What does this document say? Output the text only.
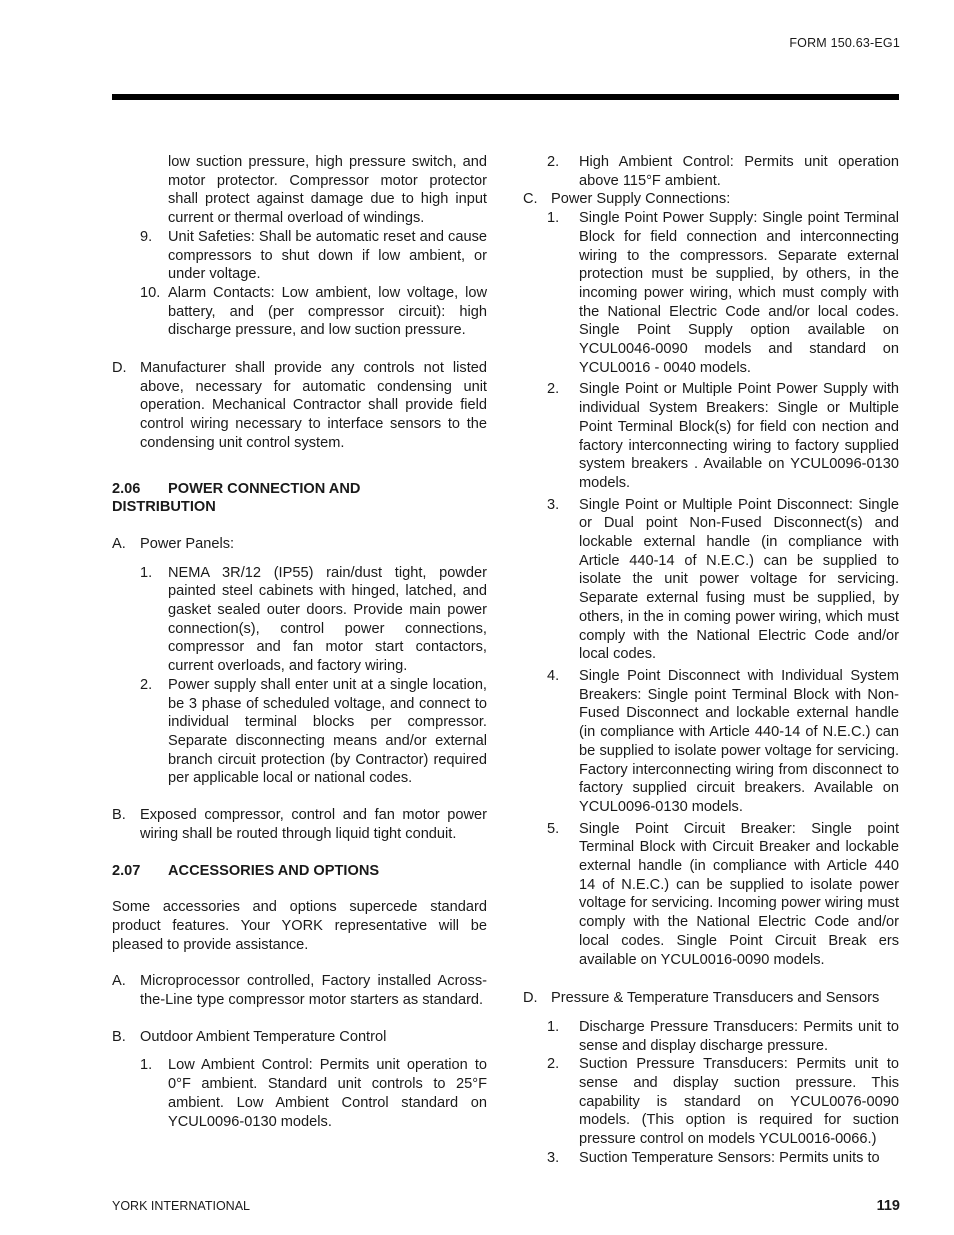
FORM 150.63-EG1
low suction pressure, high pressure switch, and motor protector. Compressor motor protector shall protect against damage due to high input current or thermal overload of windings.
9. Unit Safeties: Shall be automatic reset and cause compressors to shut down if low ambient, or under voltage.
10. Alarm Contacts: Low ambient, low voltage, low battery, and (per compressor circuit): high discharge pressure, and low suction pressure.
D. Manufacturer shall provide any controls not listed above, necessary for automatic condensing unit operation. Mechanical Contractor shall provide field control wiring necessary to interface sensors to the condensing unit control system.
2.06 POWER CONNECTION AND
DISTRIBUTION
A. Power Panels:
1. NEMA 3R/12 (IP55) rain/dust tight, powder painted steel cabinets with hinged, latched, and gasket sealed outer doors. Provide main power connection(s), control power connections, compressor and fan motor start contactors, current overloads, and factory wiring.
2. Power supply shall enter unit at a single location, be 3 phase of scheduled voltage, and connect to individual terminal blocks per compressor. Separate disconnecting means and/or external branch circuit protection (by Contractor) required per applicable local or national codes.
B. Exposed compressor, control and fan motor power wiring shall be routed through liquid tight conduit.
2.07 ACCESSORIES AND OPTIONS
Some accessories and options supercede standard product features. Your YORK representative will be pleased to provide assistance.
A. Microprocessor controlled, Factory installed Across-the-Line type compressor motor starters as standard.
B. Outdoor Ambient Temperature Control
1. Low Ambient Control: Permits unit operation to 0°F ambient. Standard unit controls to 25°F ambient. Low Ambient Control standard on YCUL0096-0130 models.
2. High Ambient Control: Permits unit operation above 115°F ambient.
C. Power Supply Connections:
1. Single Point Power Supply: Single point Terminal Block for field connection and interconnecting wiring to the compressors. Separate external protection must be supplied, by others, in the incoming power wiring, which must comply with the National Electric Code and/or local codes. Single Point Supply option available on YCUL0046-0090 models and standard on YCUL0016 - 0040 models.
2. Single Point or Multiple Point Power Supply with individual System Breakers: Single or Multiple Point Terminal Block(s) for field con nection and factory interconnecting wiring to factory supplied system breakers . Available on YCUL0096-0130 models.
3. Single Point or Multiple Point Disconnect: Single or Dual point Non-Fused Disconnect(s) and lockable external handle (in compliance with Article 440-14 of N.E.C.) can be supplied to isolate the unit power voltage for servicing. Separate external fusing must be supplied, by others, in the in coming power wiring, which must comply with the National Electric Code and/or local codes.
4. Single Point Disconnect with Individual System Breakers: Single point Terminal Block with Non-Fused Disconnect and lockable external handle (in compliance with Article 440-14 of N.E.C.) can be supplied to isolate power voltage for servicing. Factory interconnecting wiring from disconnect to factory supplied circuit breakers. Available on YCUL0096-0130 models.
5. Single Point Circuit Breaker: Single point Terminal Block with Circuit Breaker and lockable external handle (in compliance with Article 440 14 of N.E.C.) can be supplied to isolate power voltage for servicing. Incoming power wiring must comply with the National Electric Code and/or local codes. Single Point Circuit Break ers available on YCUL0016-0090 models.
D. Pressure & Temperature Transducers and Sensors
1. Discharge Pressure Transducers: Permits unit to sense and display discharge pressure.
2. Suction Pressure Transducers: Permits unit to sense and display suction pressure. This capability is standard on YCUL0076-0090 models. (This option is required for suction pressure control on models YCUL0016-0066.)
3. Suction Temperature Sensors: Permits units to
YORK INTERNATIONAL	119
